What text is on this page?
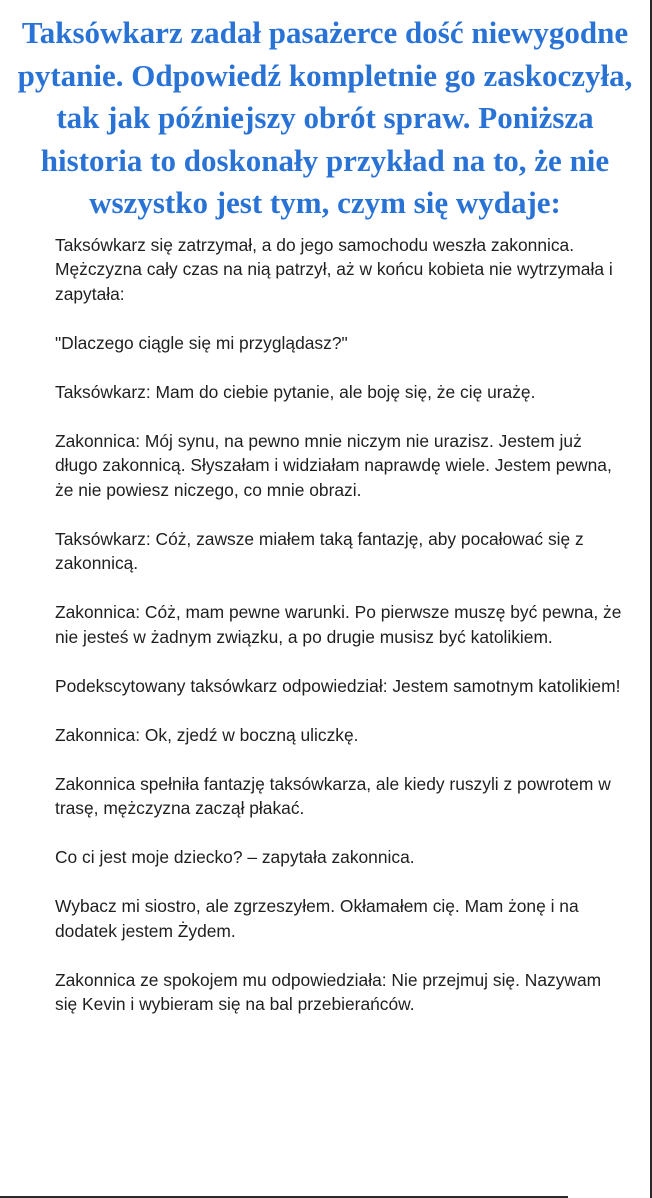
Taksówkarz zadał pasażerce dość niewygodne pytanie. Odpowiedź kompletnie go zaskoczyła, tak jak późniejszy obrót spraw. Poniższa historia to doskonały przykład na to, że nie wszystko jest tym, czym się wydaje:

Taksówkarz się zatrzymał, a do jego samochodu weszła zakonnica. Mężczyzna cały czas na nią patrzył, aż w końcu kobieta nie wytrzymała i zapytała:

"Dlaczego ciągle się mi przyglądasz?"

Taksówkarz: Mam do ciebie pytanie, ale boję się, że cię urażę.

Zakonnica: Mój synu, na pewno mnie niczym nie urazisz. Jestem już długo zakonnicą. Słyszałam i widziałam naprawdę wiele. Jestem pewna, że nie powiesz niczego, co mnie obrazi.

Taksówkarz: Cóż, zawsze miałem taką fantazję, aby pocałować się z zakonnicą.

Zakonnica: Cóż, mam pewne warunki. Po pierwsze muszę być pewna, że nie jesteś w żadnym związku, a po drugie musisz być katolikiem.

Podekscytowany taksówkarz odpowiedział: Jestem samotnym katolikiem!

Zakonnica: Ok, zjedź w boczną uliczkę.

Zakonnica spełniła fantazję taksówkarza, ale kiedy ruszyli z powrotem w trasę, mężczyzna zaczął płakać.

Co ci jest moje dziecko? – zapytała zakonnica.

Wybacz mi siostro, ale zgrzeszyłem. Okłamałem cię. Mam żonę i na dodatek jestem Żydem.

Zakonnica ze spokojem mu odpowiedziała: Nie przejmuj się. Nazywam się Kevin i wybieram się na bal przebierańców.
